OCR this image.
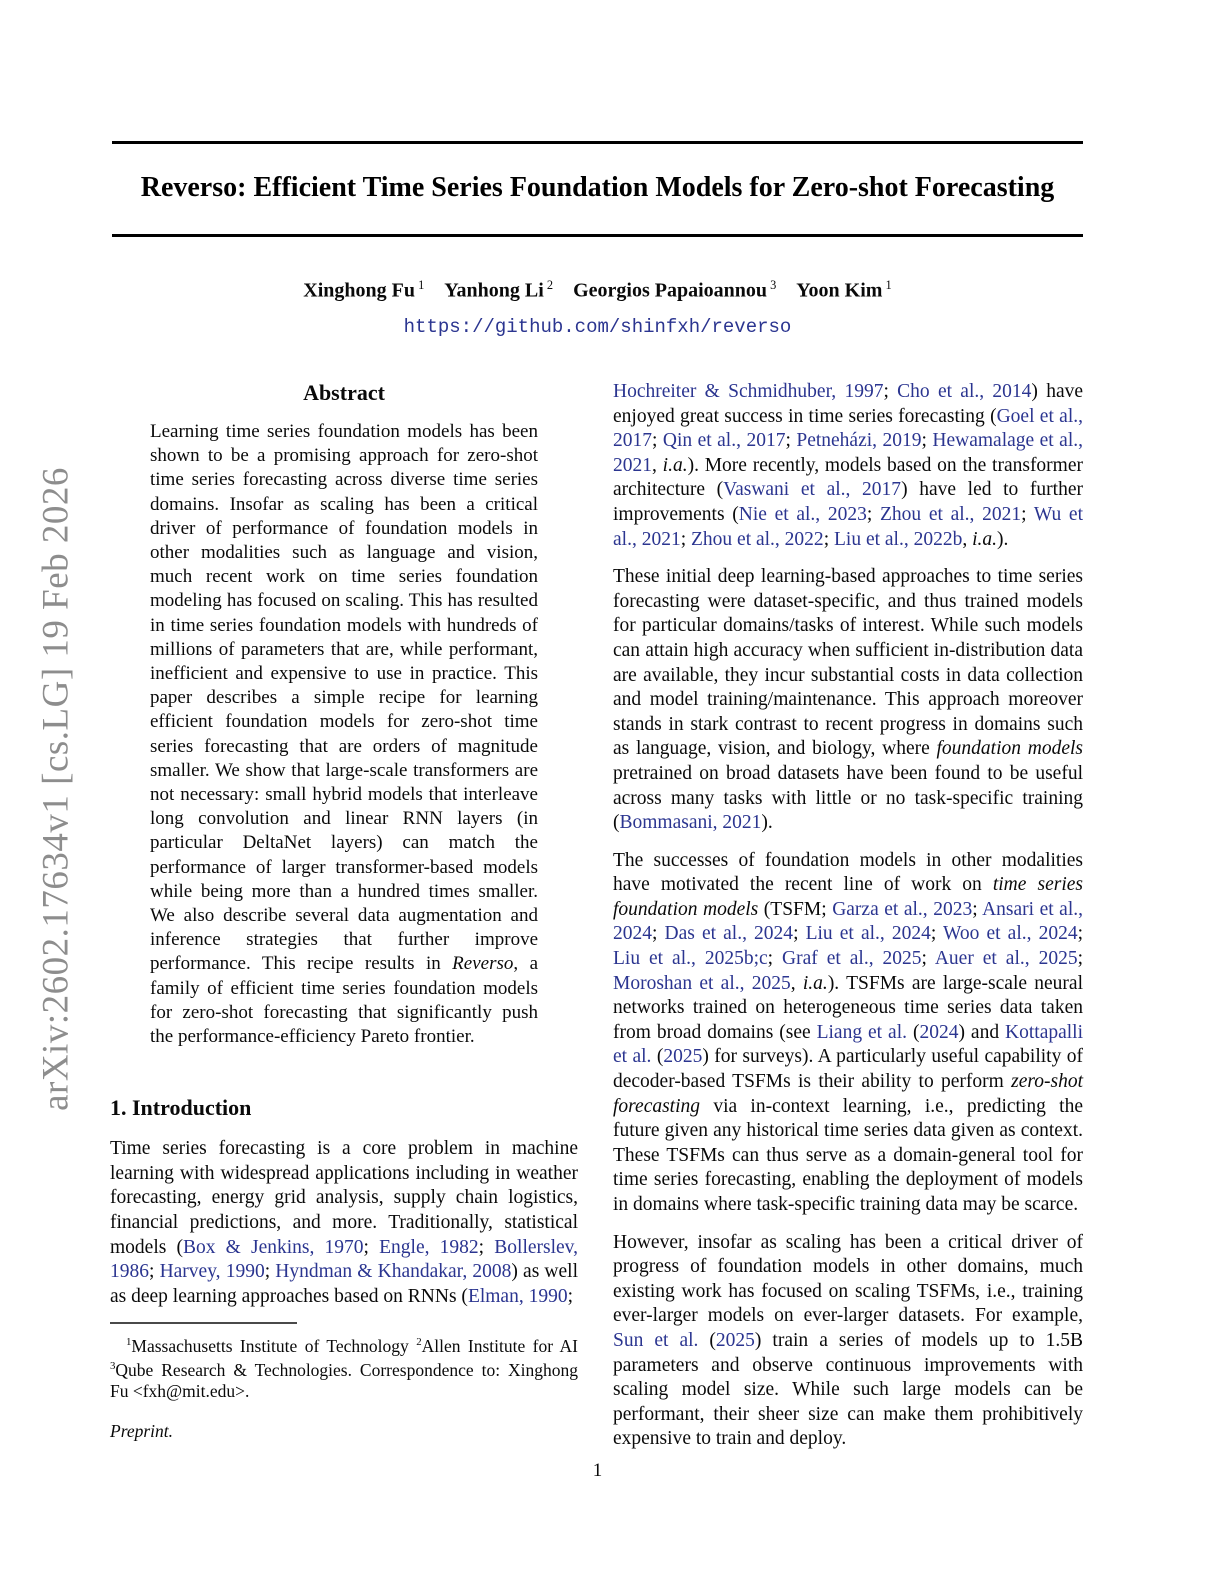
arXiv:2602.17634v1 [cs.LG] 19 Feb 2026
Reverso: Efficient Time Series Foundation Models for Zero-shot Forecasting
Xinghong Fu $^1$   Yanhong Li $^2$   Georgios Papaioannou $^3$   Yoon Kim $^1$
https://github.com/shinfxh/reverso
Abstract

Learning time series foundation models has been shown to be a promising approach for zero-shot time series forecasting across diverse time series domains. Insofar as scaling has been a critical driver of performance of foundation models in other modalities such as language and vision, much recent work on time series foundation modeling has focused on scaling. This has resulted in time series foundation models with hundreds of millions of parameters that are, while performant, inefficient and expensive to use in practice. This paper describes a simple recipe for learning efficient foundation models for zero-shot time series forecasting that are orders of magnitude smaller. We show that large-scale transformers are not necessary: small hybrid models that interleave long convolution and linear RNN layers (in particular DeltaNet layers) can match the performance of larger transformer-based models while being more than a hundred times smaller. We also describe several data augmentation and inference strategies that further improve performance. This recipe results in Reverso, a family of efficient time series foundation models for zero-shot forecasting that significantly push the performance-efficiency Pareto frontier.

1. Introduction

Time series forecasting is a core problem in machine learning with widespread applications including in weather forecasting, energy grid analysis, supply chain logistics, financial predictions, and more. Traditionally, statistical models (Box & Jenkins, 1970; Engle, 1982; Bollerslev, 1986; Harvey, 1990; Hyndman & Khandakar, 2008) as well as deep learning approaches based on RNNs (Elman, 1990;

$^1$Massachusetts Institute of Technology $^2$Allen Institute for AI $^3$Qube Research & Technologies. Correspondence to: Xinghong Fu <fxh@mit.edu>.

Preprint.

Hochreiter & Schmidhuber, 1997; Cho et al., 2014) have enjoyed great success in time series forecasting (Goel et al., 2017; Qin et al., 2017; Petneházi, 2019; Hewamalage et al., 2021, i.a.). More recently, models based on the transformer architecture (Vaswani et al., 2017) have led to further improvements (Nie et al., 2023; Zhou et al., 2021; Wu et al., 2021; Zhou et al., 2022; Liu et al., 2022b, i.a.).

These initial deep learning-based approaches to time series forecasting were dataset-specific, and thus trained models for particular domains/tasks of interest. While such models can attain high accuracy when sufficient in-distribution data are available, they incur substantial costs in data collection and model training/maintenance. This approach moreover stands in stark contrast to recent progress in domains such as language, vision, and biology, where foundation models pretrained on broad datasets have been found to be useful across many tasks with little or no task-specific training (Bommasani, 2021).

The successes of foundation models in other modalities have motivated the recent line of work on time series foundation models (TSFM; Garza et al., 2023; Ansari et al., 2024; Das et al., 2024; Liu et al., 2024; Woo et al., 2024; Liu et al., 2025b;c; Graf et al., 2025; Auer et al., 2025; Moroshan et al., 2025, i.a.). TSFMs are large-scale neural networks trained on heterogeneous time series data taken from broad domains (see Liang et al. (2024) and Kottapalli et al. (2025) for surveys). A particularly useful capability of decoder-based TSFMs is their ability to perform zero-shot forecasting via in-context learning, i.e., predicting the future given any historical time series data given as context. These TSFMs can thus serve as a domain-general tool for time series forecasting, enabling the deployment of models in domains where task-specific training data may be scarce.

However, insofar as scaling has been a critical driver of progress of foundation models in other domains, much existing work has focused on scaling TSFMs, i.e., training ever-larger models on ever-larger datasets. For example, Sun et al. (2025) train a series of models up to 1.5B parameters and observe continuous improvements with scaling model size. While such large models can be performant, their sheer size can make them prohibitively expensive to train and deploy.

1
